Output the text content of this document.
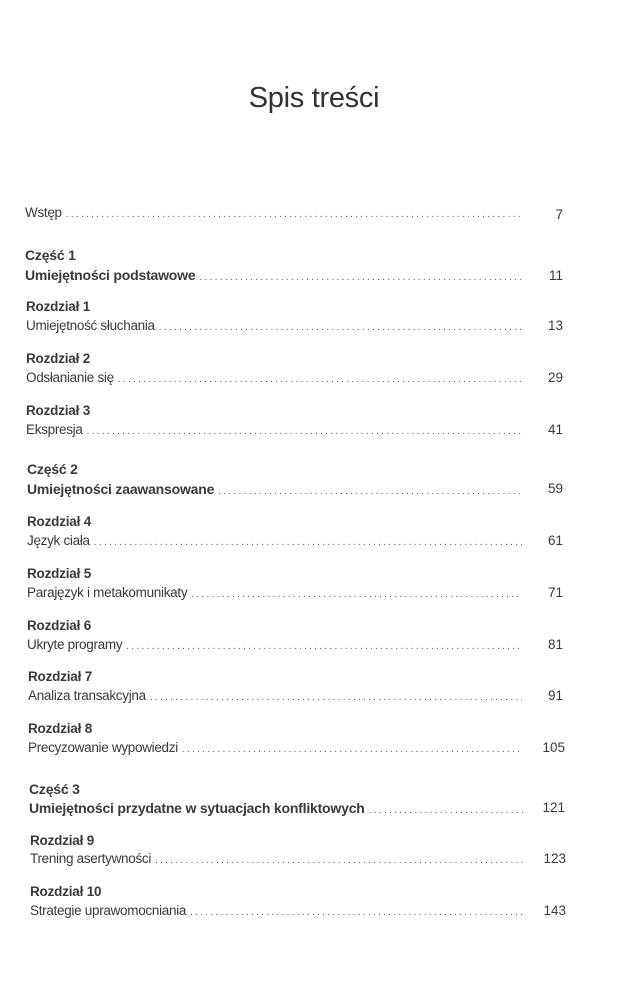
Spis treści
Wstęp .....	7
Część 1
Umiejętności podstawowe .....	11
Rozdział 1
Umiejętność słuchania .....	13
Rozdział 2
Odsłanianie się .....	29
Rozdział 3
Ekspresja .....	41
Część 2
Umiejętności zaawansowane .....	59
Rozdział 4
Język ciała .....	61
Rozdział 5
Parajęzyk i metakomunikaty .....	71
Rozdział 6
Ukryte programy .....	81
Rozdział 7
Analiza transakcyjna .....	91
Rozdział 8
Precyzowanie wypowiedzi .....	105
Część 3
Umiejętności przydatne w sytuacjach konfliktowych .....	121
Rozdział 9
Trening asertywności .....	123
Rozdział 10
Strategie uprawomocniania .....	143
